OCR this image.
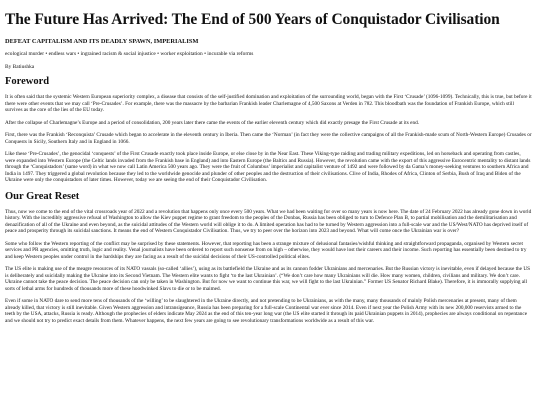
The Future Has Arrived: The End of 500 Years of Conquistador Civilisation
DEFEAT CAPITALISM AND ITS DEADLY SPAWN, IMPERIALISM
ecological murder • endless wars • ingrained racism & social injustice • worker exploitation • incurable via reforms
By Batiushka
Foreword

It is often said that the systemic Western European superiority complex, a disease that consists of the self-justified domination and exploitation of the surrounding world, began with the First ‘Crusade’ (1096-1099). Technically, this is true, but before it there were other events that we may call ‘Pre-Crusades’. For example, there was the massacre by the barbarian Frankish leader Charlemagne of 4,500 Saxons at Verden in 782. This bloodbath was the foundation of Frankish Europe, which still survives as the core of the lies of the EU today.

After the collapse of Charlemagne’s Europe and a period of consolidation, 200 years later there came the events of the earlier eleventh century which did exactly presage the First Crusade at its end.

First, there was the Frankish ‘Reconquista’ Crusade which began to accelerate in the eleventh century in Iberia. Then came the ‘Norman’ (in fact they were the collective campaigns of all the Frankish-made scum of North-Western Europe) Crusades or Conquests in Sicily, Southern Italy and in England in 1066.

Like these ‘Pre-Crusades’, the genocidal ‘conquests’ of the First Crusade exactly took place inside Europe, or else close by in the Near East. These Viking-type raiding and trading military expeditions, led on horseback and operating from castles, were expanded into Western Europe (the Celtic lands invaded from the Frankish base in England) and into Eastern Europe (the Baltics and Russia). However, the revolution came with the export of this aggressive Eurocentric mentality to distant lands through the ‘Conquistadors’ (same word) in what we now call Latin America 500 years ago. They were the fruit of Columbus’ imperialist and capitalist venture of 1492 and were followed by da Gama’s money-seeking ventures to southern Africa and India in 1497. They triggered a global revolution because they led to the worldwide genocide and plunder of other peoples and the destruction of their civilisations. Clive of India, Rhodes of Africa, Clinton of Serbia, Bush of Iraq and Biden of the Ukraine were only the conquistadors of later times. However, today we are seeing the end of their Conquistador Civilisation.

Our Great Reset

Thus, now we come to the end of the vital crossroads year of 2022 and a revolution that happens only once every 500 years. What we had been waiting for over so many years is now here. The date of 24 February 2022 has already gone down in world history. With the incredibly aggressive refusal of Washington to allow the Kiev puppet regime to grant freedom to the peoples of the Donbas, Russia has been obliged to turn to Defence Plan B, to partial mobilisation and the demilitarisation and denazification of all of the Ukraine and even beyond, as the suicidal attitudes of the Western world will oblige it to do. A limited operation has had to be turned by Western aggression into a full-scale war and the US/West/NATO has deprived itself of peace and prosperity through its suicidal sanctions. It means the end of Western Conquistador Civilisation. Thus, we try to peer over the horizon into 2023 and beyond. What will come once the Ukrainian war is over?

Some who follow the Western reporting of the conflict may be surprised by these statements. However, that reporting has been a strange mixture of delusional fantasies/wishful thinking and straightforward propaganda, organised by Western secret services and PR agencies, omitting truth, logic and reality. Venal journalists have been ordered to report such nonsense from on high – otherwise, they would have lost their careers and their income. Such reporting has essentially been destined to try and keep Western peoples under control in the hardships they are facing as a result of the suicidal decisions of their US-controlled political elites.

The US elite is making use of the meagre resources of its NATO vassals (so-called ‘allies’), using as its battlefield the Ukraine and as its cannon fodder Ukrainians and mercenaries. But the Russian victory is inevitable, even if delayed because the US is deliberately and suicidally making the Ukraine into its Second Vietnam. The Western elite wants to fight ‘to the last Ukrainian’. (“We don’t care how many Ukrainians will die. How many women, children, civilians and military. We don’t care. Ukraine cannot take the peace decision. The peace decision can only be taken in Washington. But for now we want to continue this war, we will fight to the last Ukrainian.” Former US Senator Richard Blake). Therefore, it is immorally supplying all sorts of lethal arms for hundreds of thousands more of these hoodwinked Slavs to die or to be maimed.

Even if some in NATO dare to send more tens of thousands of the ‘willing’ to be slaughtered in the Ukraine directly, and not pretending to be Ukrainians, as with the many, many thousands of mainly Polish mercenaries at present, many of them already killed, that victory is still inevitable. Given Western aggression and intransigeance, Russia has been preparing for a full-scale Continental war ever since 2014. Even if next year the Polish Army with its new 200,000 reservists armed to the teeth by the USA, attacks, Russia is ready. Although the prophecies of elders indicate May 2024 as the end of this ten-year long war (the US elite started it through its paid Ukrainian puppets in 2014), prophecies are always conditional on repentance and we should not try to predict exact details from them. Whatever happens, the next few years are going to see revolutionary transformations worldwide as a result of this war.
